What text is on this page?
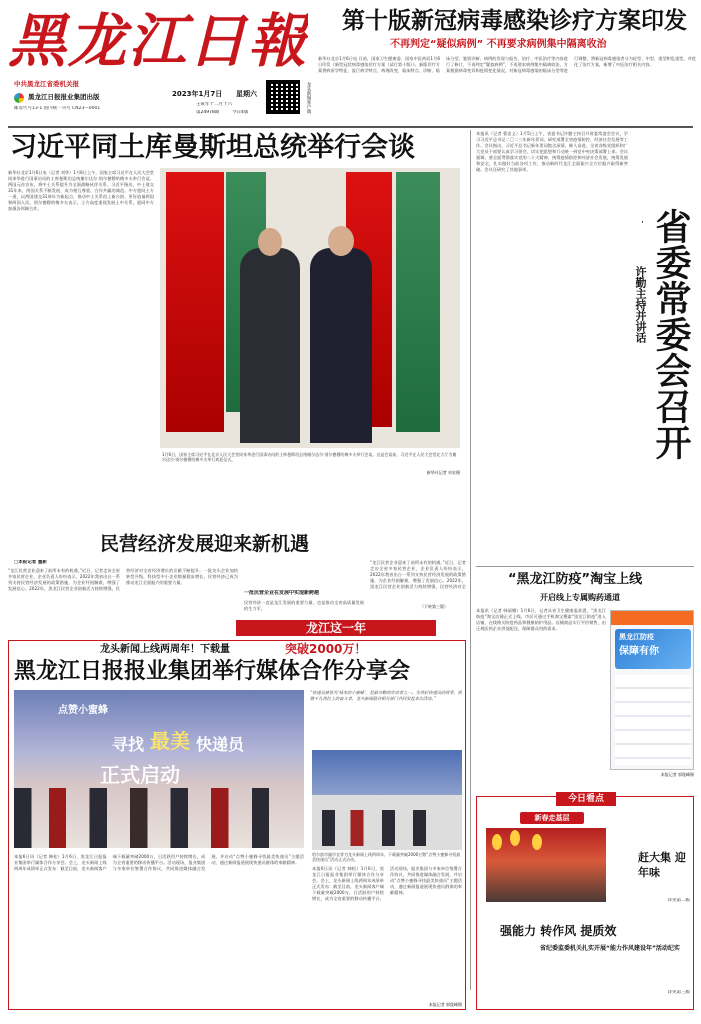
黑龙江日報
中共黑龙江省委机关报
黑龙江日报报业集团出版
邮发代号13-1 国内统一刊号 CN23—0001
2023年1月7日	星期六
壬寅年十二月十六
第24978期	今日4版	龙头新闻客户端
第十版新冠病毒感染诊疗方案印发
不再判定“疑似病例” 不再要求病例集中隔离收治
新华社北京1月6日电 日前，国家卫生健康委、国家中医药局1月6日印发《新型冠状病毒感染诊疗方案（试行第十版）》。新版诊疗方案将病原学特征、流行病学特点、病理改变、临床特点、诊断、临床分型、鉴别诊断、病例的发现与报告、治疗、中医治疗等内容进行了修订，不再判定“疑似病例”，不再要求病例集中隔离收治。方案根据病毒变异和疫情变化情况，对新冠病毒感染的临床分型等进行调整，将新冠病毒感染者分为轻型、中型、重型和危重型，并优化了治疗方案，新增了中医治疗相关内容。
习近平同土库曼斯坦总统举行会谈
新华社北京1月6日电（记者 刘华）1月6日上午，国家主席习近平在人民大会堂同来华进行国事访问的土库曼斯坦总统谢尔达尔·别尔德穆哈梅多夫举行会谈。两国元首宣布，将中土关系提升为全面战略伙伴关系。习近平指出，中土建交31年来，两国关系不断发展，成为相互尊重、合作共赢的典范。中方愿同土方一道，以两国建交31周年为新起点，推动中土关系再上新台阶，更好造福两国和两国人民。别尔德穆哈梅多夫表示，土方高度重视发展土中关系，愿同中方加强各领域合作。
1月6日，国家主席习近平在北京人民大会堂同来华进行国事访问的土库曼斯坦总统谢尔达尔·别尔德穆哈梅多夫举行会谈。这是会谈前，习近平在人民大会堂北大厅为谢尔达尔·别尔德穆哈梅多夫举行欢迎仪式。
新华社记者 申宏摄
本报讯（记者 曹忠义）1月5日上午，省委书记许勤主持召开省委常委会会议，学习习近平总书记二〇二三年新年贺词，研究部署全省疫情防控、经济社会发展等工作。会议指出，习近平总书记新年贺词饱含深情、催人奋进，全省各级党组织和广大党员干部要认真学习领会，切实把思想和行动统一到党中央决策部署上来。会议强调，要全面贯彻落实党的二十大精神，统筹疫情防控和经济社会发展，统筹发展和安全，扎实做好当前各项工作，推动新时代龙江全面振兴全方位振兴取得新突破。会议还研究了其他事项。
省委常委会召开
许勤主持并讲话
民营经济发展迎来新机遇
□本报记者 董新
“龙江民营企业迎来了前所未有的机遇。”近日，记者走访全省多家民营企业，企业负责人纷纷表示，2022年我省出台一系列支持民营经济发展的政策措施，为企业纾困解难，增强了发展信心。2022年，黑龙江民营企业创新活力持续增强，民营经济对全省经济增长的贡献不断提升。一批龙头企业加快转型升级，科技型中小企业数量稳步增长，民营经济已成为推动龙江全面振兴的重要力量。
一批民营企业在发展中实现新跨越
民营经济一直是龙江发展的重要力量，也是推动全省高质量发展的生力军。
“龙江民营企业迎来了前所未有的机遇。”近日，记者走访全省多家民营企业，企业负责人纷纷表示，2022年我省出台一系列支持民营经济发展的政策措施，为企业纾困解难，增强了发展信心。2022年，黑龙江民营企业创新活力持续增强，民营经济对全
（下转第三版）
龙江这一年
龙头新闻上线两周年！下载量	突破2000万！
黑龙江日报报业集团举行媒体合作分享会
点赞小蜜蜂
寻找 最美 快递员
正式启动
“快递员被誉为‘城市的小蜜蜂’，是最辛勤的劳动者之一。为讲好快递员的故事，致敬平凡岗位上的奋斗者，龙头新闻联合相关部门共同发起本次活动。”
哈尔滨市副市长等为龙头新闻上线两周年、下载量突破2000万暨“点赞小蜜蜂寻找最美快递员”活动正式启动。
本报6日讯（记者 韩松）1月6日，黑龙江日报报业集团举行媒体合作分享会。会上，龙头新闻上线两周年成绩单正式发布：截至目前，龙头新闻客户端下载量突破2000万，日活跃用户持续增长，成为全省重要的移动传播平台。活动现场，报业集团与多家单位签署合作协议，共同推进媒体融合发展，并启动“点赞小蜜蜂寻找最美快递员”主题活动，通过新闻报道展现快递员群体的奉献精神。
本报6日讯（记者 韩松）1月6日，黑龙江日报报业集团举行媒体合作分享会。会上，龙头新闻上线两周年成绩单正式发布：截至目前，龙头新闻客户端下载量突破2000万，日活跃用户持续增长，成为全省重要的移动传播平台。活动现场，报业集团与多家单位签署合作协议，共同推进媒体融合发展，并启动“点赞小蜜蜂寻找最美快递员”主题活动，通过新闻报道展现快递员群体的奉献精神。
本报记者 郭俊峰摄
“黑龙江防疫”淘宝上线
开启线上专属购药通道
本报讯（记者 韩丽娜）1月6日，记者从省卫生健康委获悉，“黑龙江防疫”淘宝店铺正式上线。市民可通过手机淘宝搜索“黑龙江防疫”进入店铺，在线购买防疫药品和健康防护用品。店铺商品实行平价销售，由正规医药企业供货配送，保障群众用药需求。
黑龙江防疫
保障有你
本报记者 郭俊峰摄
今日看点
新春走基层
赶大集 迎年味
详见第二版
强能力 转作风 提质效
省纪委监委机关扎实开展“能力作风建设年”活动纪实
详见第三版
